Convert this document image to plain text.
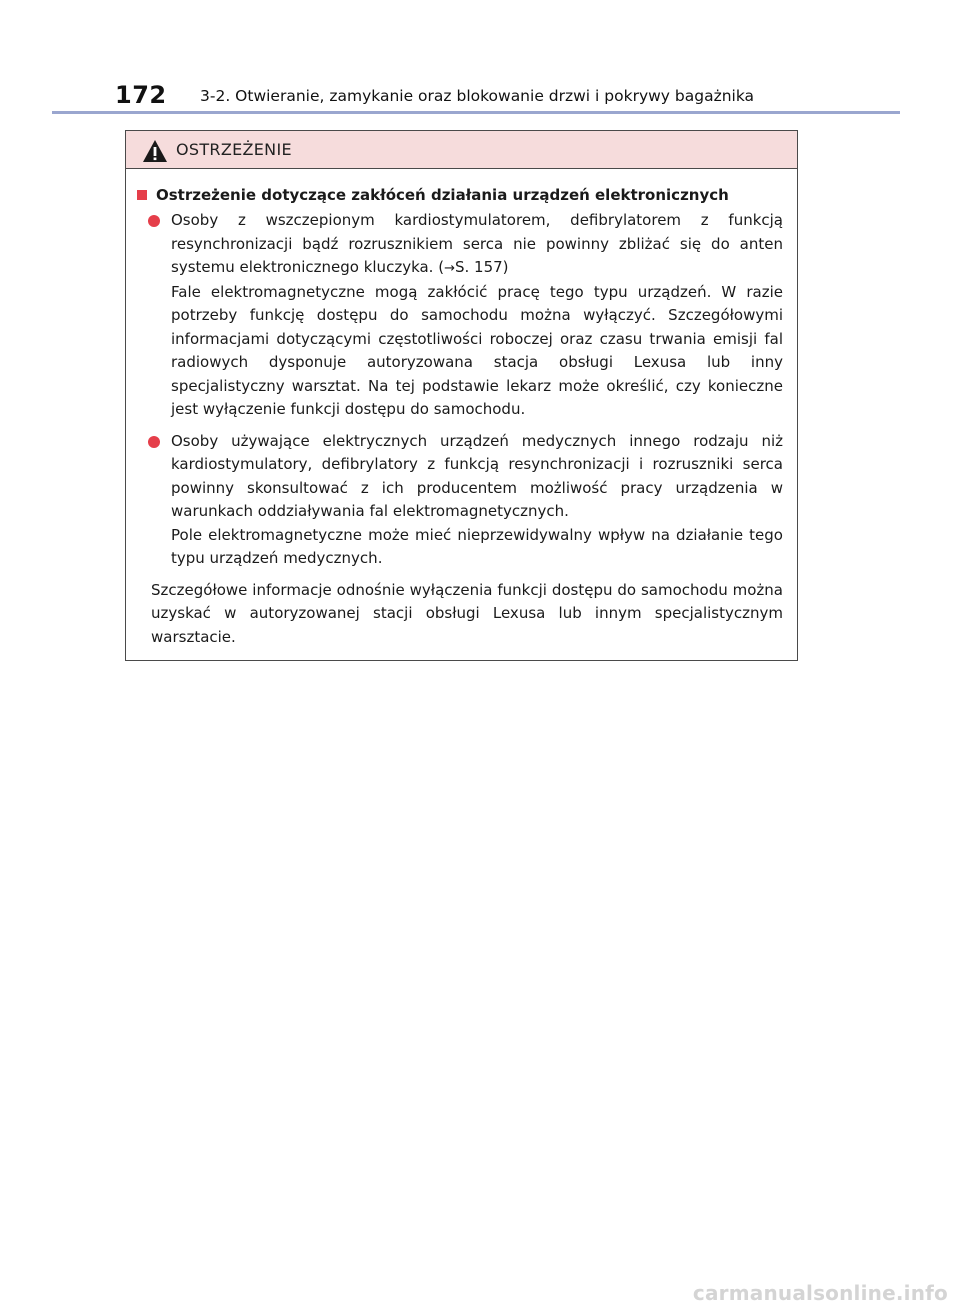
172 3-2. Otwieranie, zamykanie oraz blokowanie drzwi i pokrywy bagażnika
OSTRZEŻENIE
Ostrzeżenie dotyczące zakłóceń działania urządzeń elektronicznych

Osoby z wszczepionym kardiostymulatorem, defibrylatorem z funkcją resynchronizacji bądź rozrusznikiem serca nie powinny zbliżać się do anten systemu elektronicznego kluczyka. (→S. 157)

Fale elektromagnetyczne mogą zakłócić pracę tego typu urządzeń. W razie potrzeby funkcję dostępu do samochodu można wyłączyć. Szczegółowymi informacjami dotyczącymi częstotliwości roboczej oraz czasu trwania emisji fal radiowych dysponuje autoryzowana stacja obsługi Lexusa lub inny specjalistyczny warsztat. Na tej podstawie lekarz może określić, czy konieczne jest wyłączenie funkcji dostępu do samochodu.

Osoby używające elektrycznych urządzeń medycznych innego rodzaju niż kardiostymulatory, defibrylatory z funkcją resynchronizacji i rozruszniki serca powinny skonsultować z ich producentem możliwość pracy urządzenia w warunkach oddziaływania fal elektromagnetycznych.

Pole elektromagnetyczne może mieć nieprzewidywalny wpływ na działanie tego typu urządzeń medycznych.

Szczegółowe informacje odnośnie wyłączenia funkcji dostępu do samochodu można uzyskać w autoryzowanej stacji obsługi Lexusa lub innym specjalistycznym warsztacie.

carmanualsonline.info
